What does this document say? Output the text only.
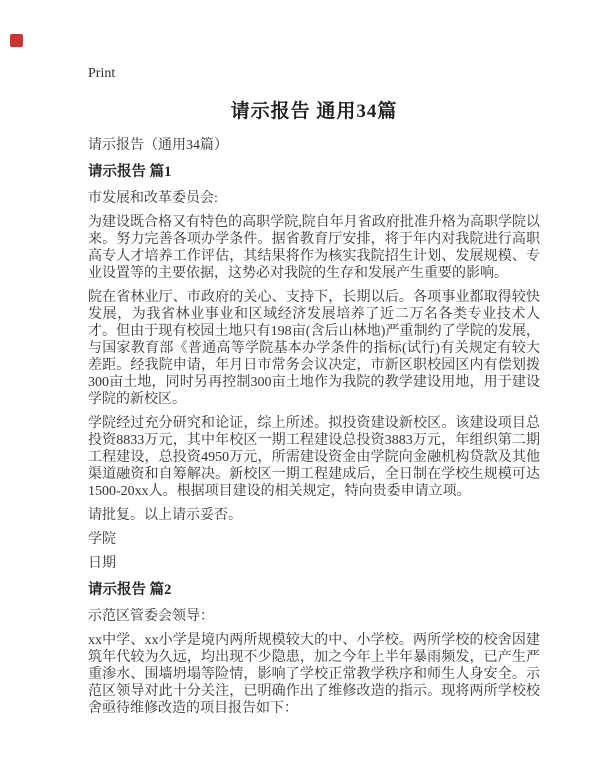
Print
请示报告 通用34篇

请示报告（通用34篇）

请示报告 篇1

市发展和改革委员会:

为建设既合格又有特色的高职学院,院自年月省政府批准升格为高职学院以来。努力完善各项办学条件。据省教育厅安排，将于年内对我院进行高职高专人才培养工作评估，其结果将作为核实我院招生计划、发展规模、专业设置等的主要依据，这势必对我院的生存和发展产生重要的影响。

院在省林业厅、市政府的关心、支持下，长期以后。各项事业都取得较快发展，为我省林业事业和区域经济发展培养了近二万名各类专业技术人才。但由于现有校园土地只有198亩(含后山林地)严重制约了学院的发展，与国家教育部《普通高等学院基本办学条件的指标(试行)有关规定有较大差距。经我院申请，年月日市常务会议决定，市新区职校园区内有偿划拨300亩土地，同时另再控制300亩土地作为我院的教学建设用地，用于建设学院的新校区。

学院经过充分研究和论证，综上所述。拟投资建设新校区。该建设项目总投资8833万元，其中年校区一期工程建设总投资3883万元，年组织第二期工程建设，总投资4950万元，所需建设资金由学院向金融机构贷款及其他渠道融资和自筹解决。新校区一期工程建成后，全日制在学校生规模可达1500-20xx人。根据项目建设的相关规定，特向贵委申请立项。

请批复。以上请示妥否。

学院

日期

请示报告 篇2

示范区管委会领导：

xx中学、xx小学是境内两所规模较大的中、小学校。两所学校的校舍因建筑年代较为久远，均出现不少隐患，加之今年上半年暴雨频发，已产生严重渗水、围墙坍塌等险情，影响了学校正常教学秩序和师生人身安全。示范区领导对此十分关注，已明确作出了维修改造的指示。现将两所学校校舍亟待维修改造的项目报告如下：
